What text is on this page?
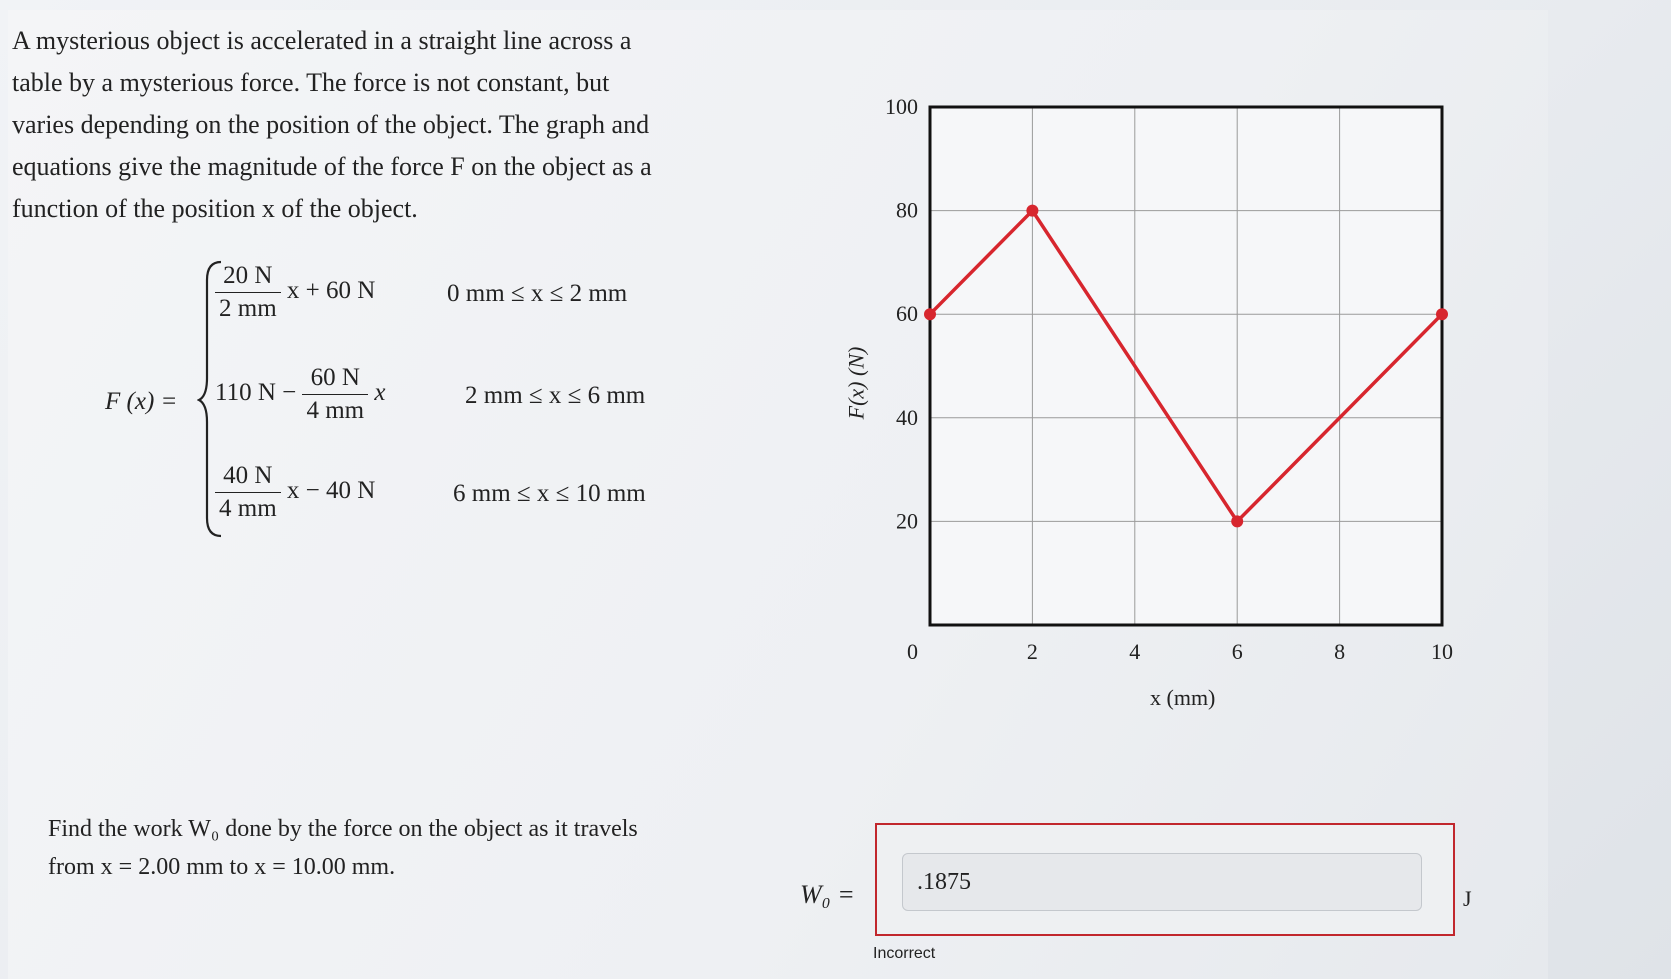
A mysterious object is accelerated in a straight line across a
table by a mysterious force. The force is not constant, but
varies depending on the position of the object. The graph and
equations give the magnitude of the force F on the object as a
function of the position x of the object.
F (x) =
$\frac{20 N}{2 mm}$ x + 60 N	0 mm ≤ x ≤ 2 mm
110 $N - \frac{60 N}{4 mm}$ x	2 mm ≤ x ≤ 6 mm
$\frac{40 N}{4 mm}$ x − 40 N	6 mm ≤ x ≤ 10 mm
F(x) (N)
0
20
40
60
80
100
2	4	6	8	10
x (mm)
Find the work W₀ done by the force on the object as it travels
from x = 2.00 mm to x = 10.00 mm.
W₀ =
.1875	J
Incorrect
